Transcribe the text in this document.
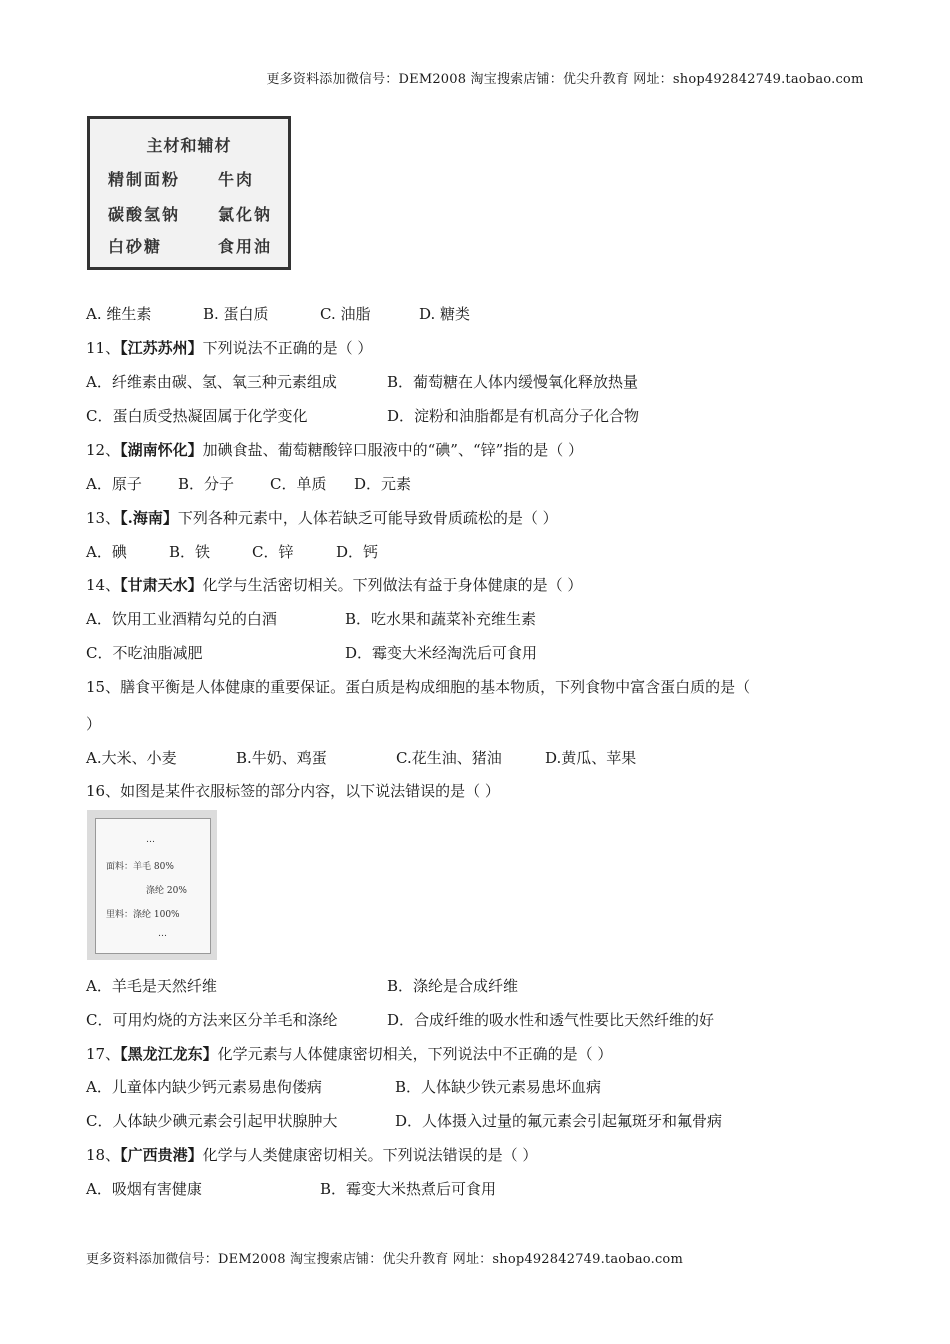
更多资料添加微信号：DEM2008 淘宝搜索店铺：优尖升教育 网址：shop492842749.taobao.com
主材和辅材
精制面粉 牛肉
碳酸氢钠 氯化钠
白砂糖	食用油
A. 维生素	B. 蛋白质	C. 油脂	D. 糖类
11、【江苏苏州】下列说法不正确的是（ ）
A．纤维素由碳、氢、氧三种元素组成	B．葡萄糖在人体内缓慢氧化释放热量
C．蛋白质受热凝固属于化学变化	D．淀粉和油脂都是有机高分子化合物
12、【湖南怀化】加碘食盐、葡萄糖酸锌口服液中的“碘”、“锌”指的是（ ）
A．原子 B．分子 C．单质 D．元素
13、【.海南】下列各种元素中，人体若缺乏可能导致骨质疏松的是（ ）
A．碘	B．铁	C．锌	D．钙
14、【甘肃天水】化学与生活密切相关。下列做法有益于身体健康的是（ ）
A．饮用工业酒精勾兑的白酒	B．吃水果和蔬菜补充维生素
C．不吃油脂减肥	D．霉变大米经淘洗后可食用
15、膳食平衡是人体健康的重要保证。蛋白质是构成细胞的基本物质，下列食物中富含蛋白质的是（
）
A.大米、小麦	B.牛奶、鸡蛋	C.花生油、猪油	D.黄瓜、苹果
16、如图是某件衣服标签的部分内容，以下说法错误的是（ ）
A．羊毛是天然纤维	B．涤纶是合成纤维
C．可用灼烧的方法来区分羊毛和涤纶	D．合成纤维的吸水性和透气性要比天然纤维的好
17、【黑龙江龙东】化学元素与人体健康密切相关，下列说法中不正确的是（ ）
A．儿童体内缺少钙元素易患佝偻病	B．人体缺少铁元素易患坏血病
C．人体缺少碘元素会引起甲状腺肿大	D．人体摄入过量的氟元素会引起氟斑牙和氟骨病
18、【广西贵港】化学与人类健康密切相关。下列说法错误的是（ ）
A．吸烟有害健康	B．霉变大米热煮后可食用
…
面料：羊毛 80%
涤纶 20%
里料：涤纶 100%
…
更多资料添加微信号：DEM2008 淘宝搜索店铺：优尖升教育 网址：shop492842749.taobao.com
